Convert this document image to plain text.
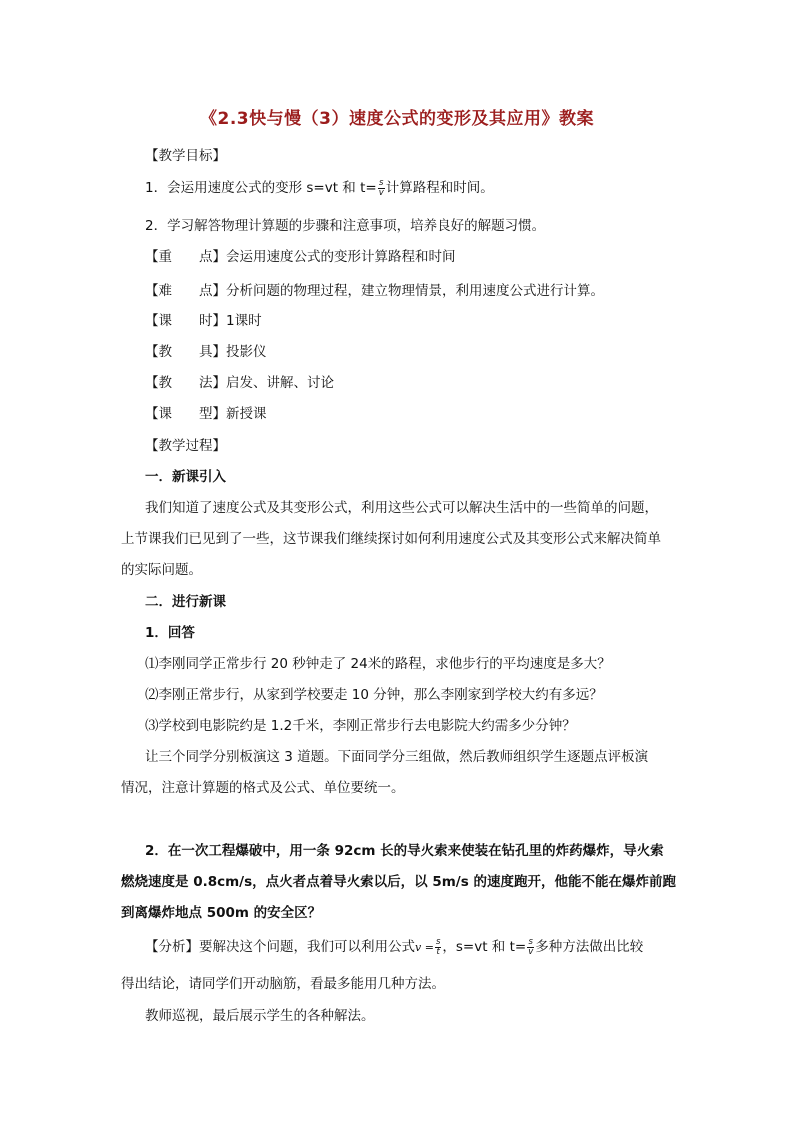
《2.3快与慢（3）速度公式的变形及其应用》教案
【教学目标】
1．会运用速度公式的变形 s=vt 和 $t= \frac{s}{v}$ 计算路程和时间。
2．学习解答物理计算题的步骤和注意事项，培养良好的解题习惯。
【重　　点】会运用速度公式的变形计算路程和时间
【难　　点】分析问题的物理过程，建立物理情景，利用速度公式进行计算。
【课　　时】1课时
【教　　具】投影仪
【教　　法】启发、讲解、讨论
【课　　型】新授课
【教学过程】
一．新课引入
我们知道了速度公式及其变形公式，利用这些公式可以解决生活中的一些简单的问题，
上节课我们已见到了一些，这节课我们继续探讨如何利用速度公式及其变形公式来解决简单
的实际问题。
二．进行新课
1．回答
⑴李刚同学正常步行 20 秒钟走了 24米的路程，求他步行的平均速度是多大？
⑵李刚正常步行，从家到学校要走 10 分钟，那么李刚家到学校大约有多远？
⑶学校到电影院约是 1.2千米，李刚正常步行去电影院大约需多少分钟？
让三个同学分别板演这 3 道题。下面同学分三组做，然后教师组织学生逐题点评板演
情况，注意计算题的格式及公式、单位要统一。
2．在一次工程爆破中，用一条 92cm 长的导火索来使装在钻孔里的炸药爆炸，导火索
燃烧速度是 0.8cm/s，点火者点着导火索以后，以 5m/s 的速度跑开，他能不能在爆炸前跑
到离爆炸地点 500m 的安全区？
【分析】要解决这个问题，我们可以利用公式$v = \frac{s}{t}$ ，s=vt 和 $t= \frac{s}{v}$ 多种方法做出比较
得出结论，请同学们开动脑筋，看最多能用几种方法。
教师巡视，最后展示学生的各种解法。
